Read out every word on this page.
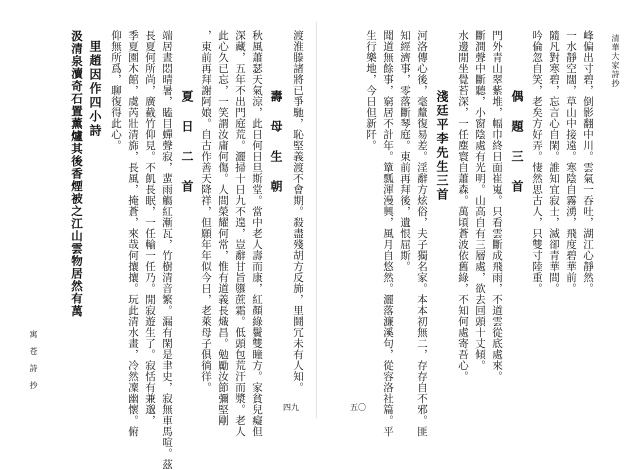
渡淮滕諸將已爭馳，恥堅義渡不會期。殺盡殘胡方反斾，里鬪冗未有人知。
壽 母 生 朝
秋風蕭瑟天氣涼，此日何日旦斯堂。當中老人壽而康，紅顏綠鬢雙瞳方。家貧兒癡但
深藏，五年不出門庭荒。灑掃十日九不遑，豈辭甘旨隳蔗霜。低頭包荒汗而漿。老人
此心久已忘，一笑謂汝庸何傷。人間榮耀何常，惟有道義長熾昌。勉勵汝節彌堅剛
，東前再拜謝阿娘。自古作善天降祥，但願年年似今日，老萊母子俱徜徉。
夏 日 二 首
端居晝悶晴暑，瞌目蟬聲寂，蜚雨觴紅漸瓦，竹樹清音繁。漏有閑是聿史，寂無車馬喧。茲
長夏何所尚，廣截竹仰見。不飢長眠，一任輸一任乃。閒寂遊生了。寂恬有兼邈，
季夏園木館，虞芮壯清旆，長風，掩蒼，來哉何攘攘。玩此清水畫，冷然凜幽懷。俯
仰無所爲，聊復得此心。
里趙因作四小詩
汲清泉瀆奇石置薫爐其後香煙被之江山雲物居然有萬
寓 苍 詩 抄
四九
清華大家詩抄
峰偏出寸碧，倒影翻中川。雲氣一吞吐，湖江心靜然。
一水靜空闊，草山中接遠。寒陰自霧湧，飛度碧華前。
隨凡對寒碧，忘言心自閑。誰知宜寂士，滅卻青華間。
吟倫忽自笑，老矣方好弄。悽然思古人，只雙寸陸重。
偶 題 三 首
門外青山翠紫堆，幅巾終日面崔嵬。只看雲斷成飛雨，不道雲從底處來。
斷澗聲中斷聽，小窗陰處有光明。山高自有三層處，欲去回頭十丈傾。
水邊閒坐覺苔深，一任塵寰自蕭森。萬頃蒼波依舊綠，不知何處寄吾心。
淺廷平李先生三首
河洛傳心後，毫釐復易差。淫辭方炫俗，夫子獨名家。本本初無二，存存自不邪。匪
知經濟事，零落斷琴庭。東前再拜後，遺恨屈斯。
聞道無餘事，窮居不計年。簞瓢渾漫興，風月自悠然。灑落濂溪句，從容洛社篇。平
生行樂地，今日但新阡。
五〇
